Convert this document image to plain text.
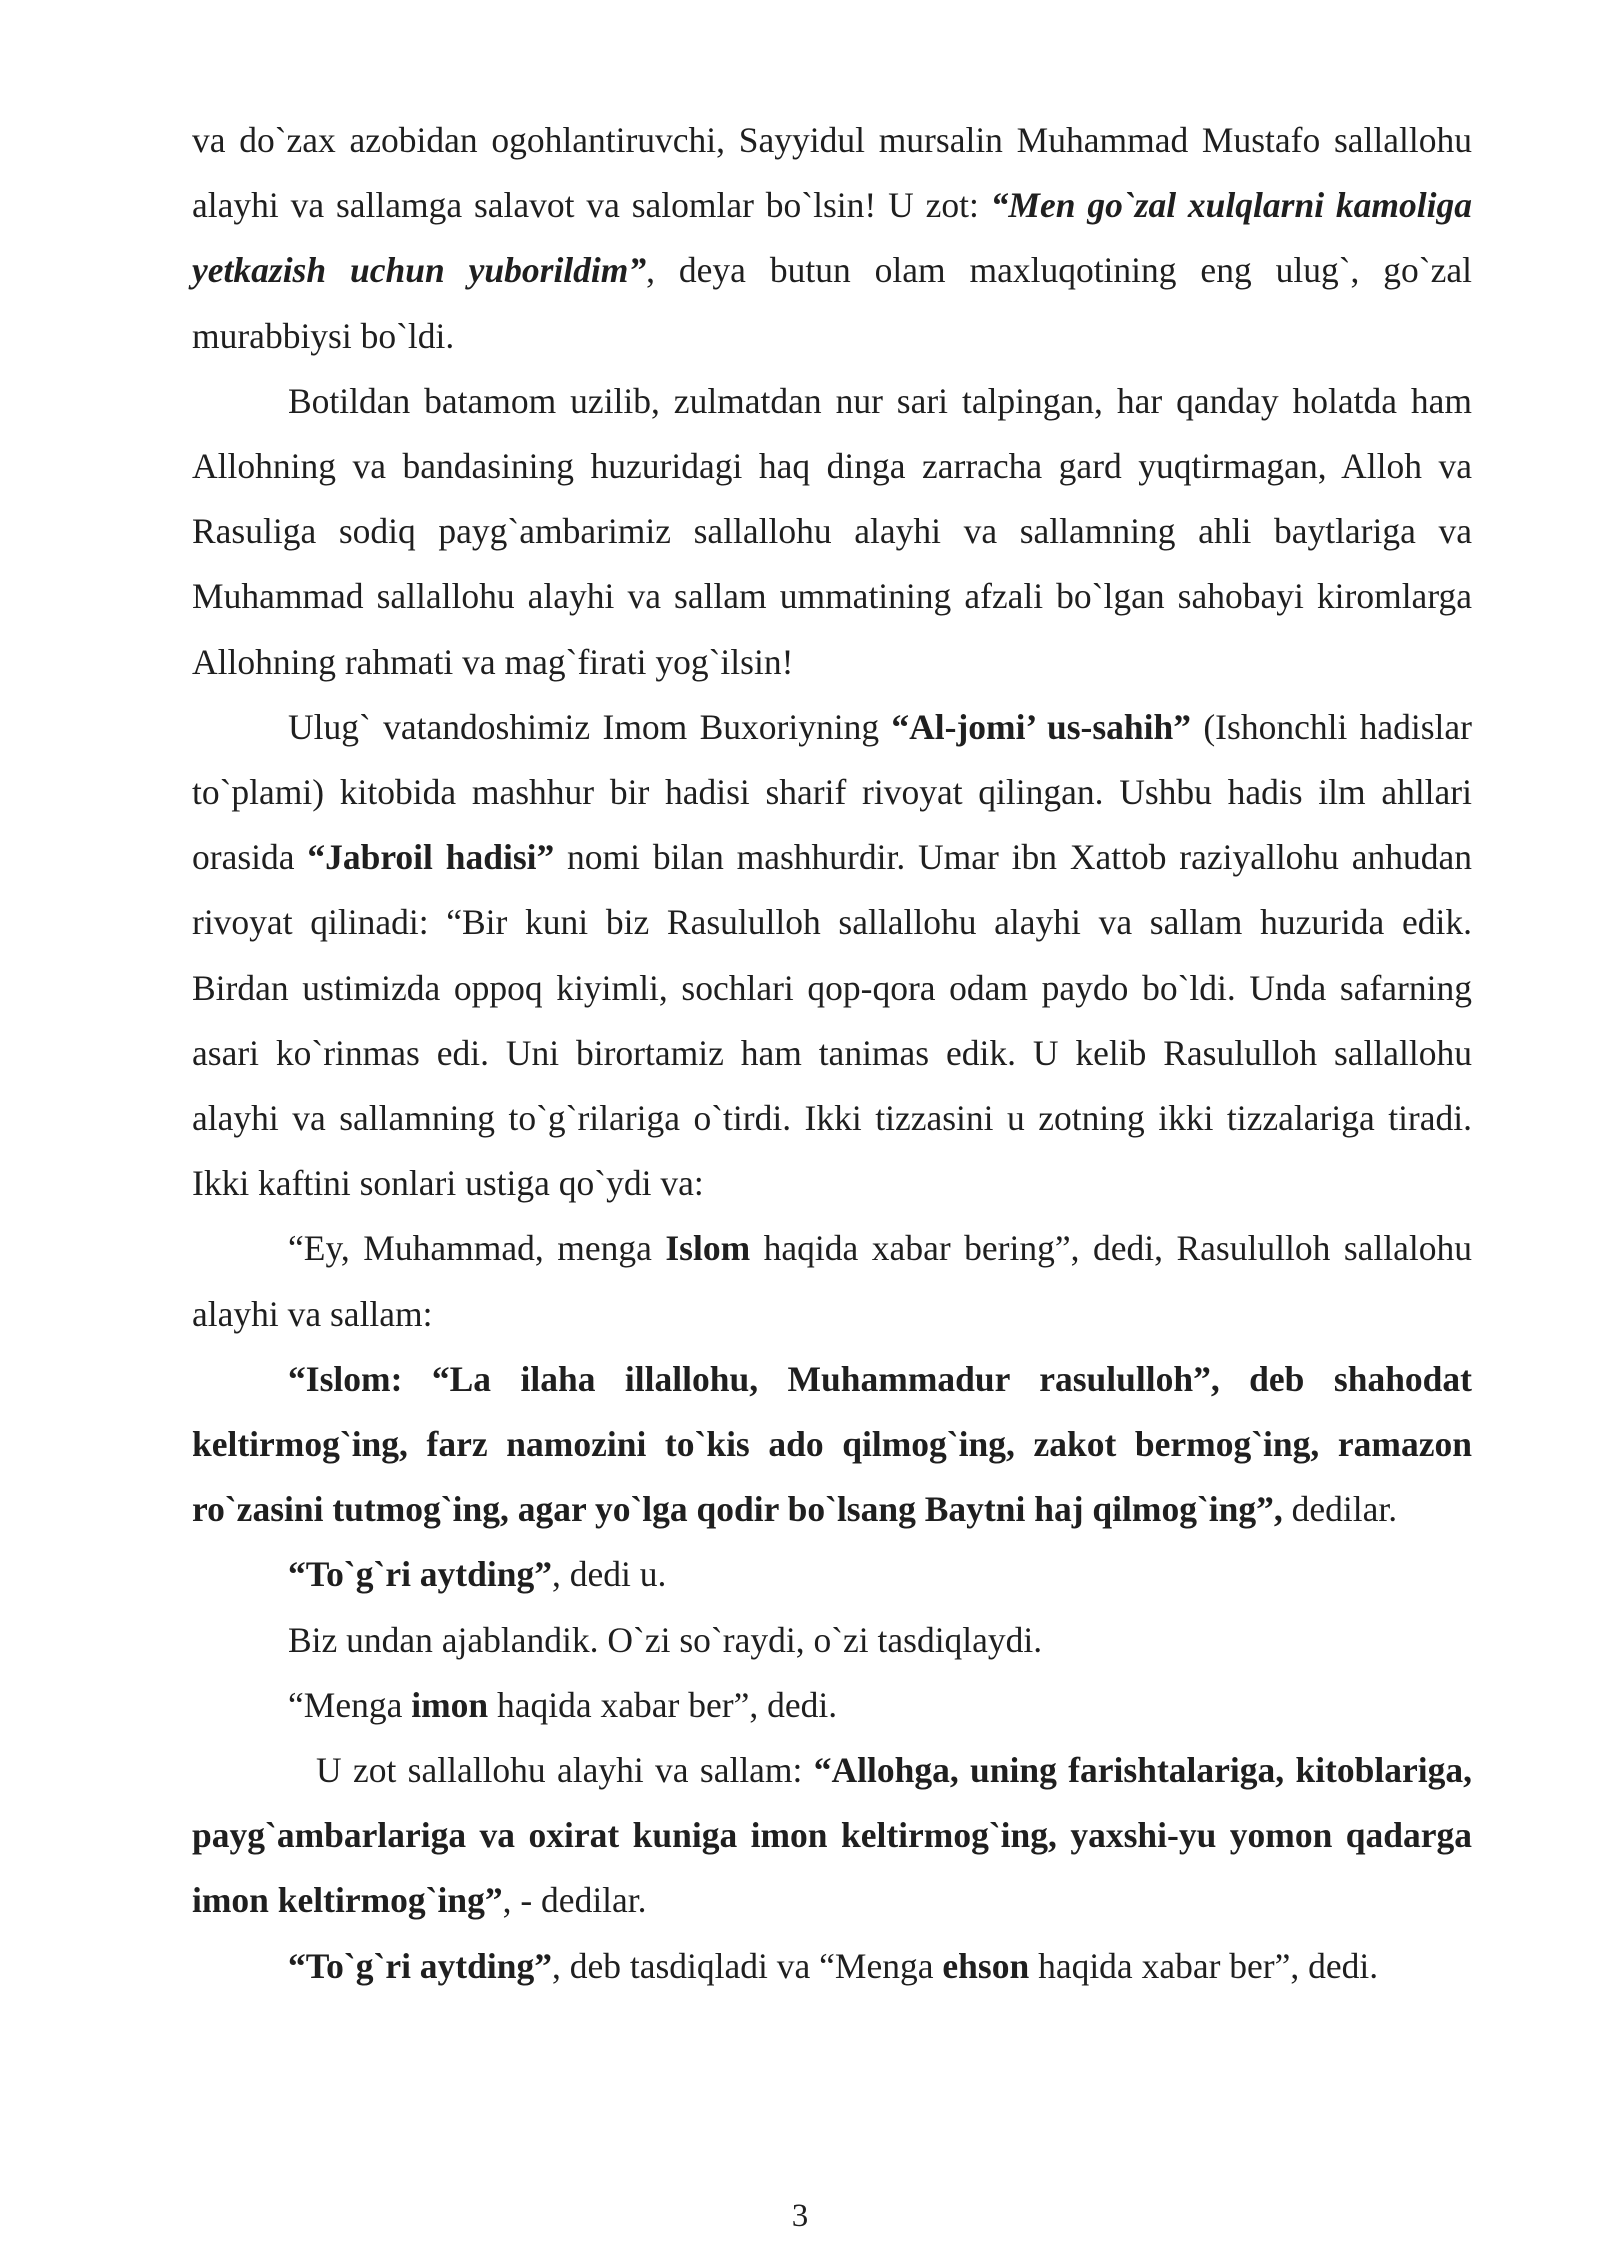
va do`zax azobidan ogohlantiruvchi, Sayyidul mursalin Muhammad Mustafo sallallohu alayhi va sallamga salavot va salomlar bo`lsin! U zot: “Men go`zal xulqlarni kamoliga yetkazish uchun yuborildim”, deya butun olam maxluqotining eng ulug`, go`zal murabbiysi bo`ldi.

Botildan batamom uzilib, zulmatdan nur sari talpingan, har qanday holatda ham Allohning va bandasining huzuridagi haq dinga zarracha gard yuqtirmagan, Alloh va Rasuliga sodiq payg`ambarimiz sallallohu alayhi va sallamning ahli baytlariga va Muhammad sallallohu alayhi va sallam ummatining afzali bo`lgan sahobayi kiromlarga Allohning rahmati va mag`firati yog`ilsin!

Ulug` vatandoshimiz Imom Buxoriyning “Al-jomi’ us-sahih” (Ishonchli hadislar to`plami) kitobida mashhur bir hadisi sharif rivoyat qilingan. Ushbu hadis ilm ahllari orasida “Jabroil hadisi” nomi bilan mashhurdir. Umar ibn Xattob raziyallohu anhudan rivoyat qilinadi: “Bir kuni biz Rasululloh sallallohu alayhi va sallam huzurida edik. Birdan ustimizda oppoq kiyimli, sochlari qop-qora odam paydo bo`ldi. Unda safarning asari ko`rinmas edi. Uni birortamiz ham tanimas edik. U kelib Rasululloh sallallohu alayhi va sallamning to`g`rilariga o`tirdi. Ikki tizzasini u zotning ikki tizzalariga tiradi. Ikki kaftini sonlari ustiga qo`ydi va:

“Ey, Muhammad, menga Islom haqida xabar bering”, dedi, Rasululloh sallalohu alayhi va sallam:

“Islom: “La ilaha illallohu, Muhammadur rasululloh”, deb shahodat keltirmog`ing, farz namozini to`kis ado qilmog`ing, zakot bermog`ing, ramazon ro`zasini tutmog`ing, agar yo`lga qodir bo`lsang Baytni haj qilmog`ing”, dedilar.

“To`g`ri aytding”, dedi u.

Biz undan ajablandik. O`zi so`raydi, o`zi tasdiqlaydi.

“Menga imon haqida xabar ber”, dedi.

U zot sallallohu alayhi va sallam: “Allohga, uning farishtalariga, kitoblariga, payg`ambarlariga va oxirat kuniga imon keltirmog`ing, yaxshi-yu yomon qadarga imon keltirmog`ing”, - dedilar.

“To`g`ri aytding”, deb tasdiqladi va “Menga ehson haqida xabar ber”, dedi.

3
